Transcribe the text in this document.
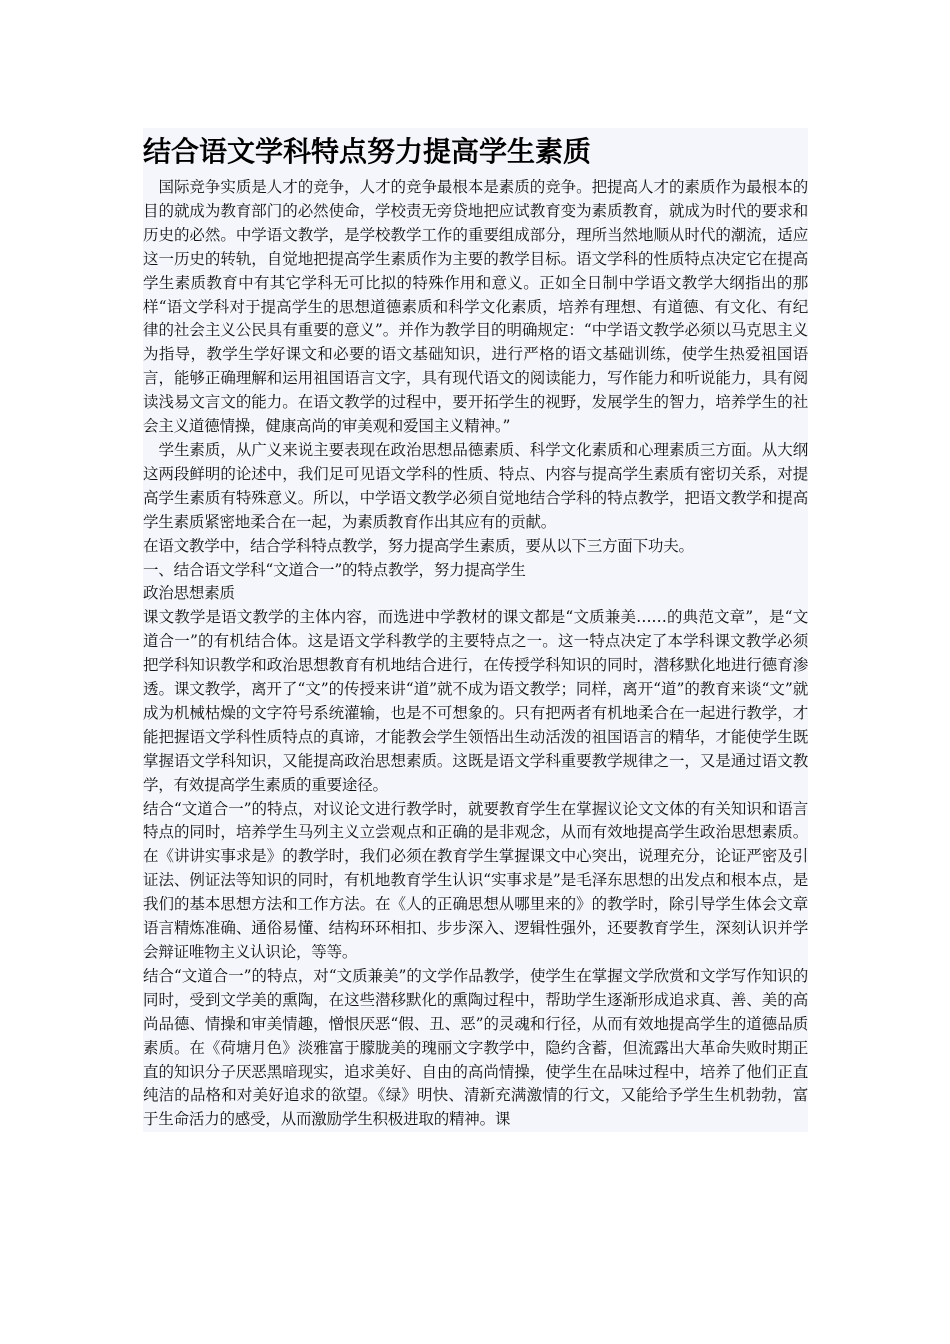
结合语文学科特点努力提高学生素质

国际竞争实质是人才的竞争，人才的竞争最根本是素质的竞争。把提高人才的素质作为最根本的目的就成为教育部门的必然使命，学校责无旁贷地把应试教育变为素质教育，就成为时代的要求和历史的必然。中学语文教学，是学校教学工作的重要组成部分，理所当然地顺从时代的潮流，适应这一历史的转轨，自觉地把提高学生素质作为主要的教学目标。语文学科的性质特点决定它在提高学生素质教育中有其它学科无可比拟的特殊作用和意义。正如全日制中学语文教学大纲指出的那样“语文学科对于提高学生的思想道德素质和科学文化素质，培养有理想、有道德、有文化、有纪律的社会主义公民具有重要的意义”。并作为教学目的明确规定：“中学语文教学必须以马克思主义为指导，教学生学好课文和必要的语文基础知识，进行严格的语文基础训练，使学生热爱祖国语言，能够正确理解和运用祖国语言文字，具有现代语文的阅读能力，写作能力和听说能力，具有阅读浅易文言文的能力。在语文教学的过程中，要开拓学生的视野，发展学生的智力，培养学生的社会主义道德情操，健康高尚的审美观和爱国主义精神。”

学生素质，从广义来说主要表现在政治思想品德素质、科学文化素质和心理素质三方面。从大纲这两段鲜明的论述中，我们足可见语文学科的性质、特点、内容与提高学生素质有密切关系，对提高学生素质有特殊意义。所以，中学语文教学必须自觉地结合学科的特点教学，把语文教学和提高学生素质紧密地柔合在一起，为素质教育作出其应有的贡献。

在语文教学中，结合学科特点教学，努力提高学生素质，要从以下三方面下功夫。

一、结合语文学科“文道合一”的特点教学，努力提高学生

政治思想素质

课文教学是语文教学的主体内容，而选进中学教材的课文都是“文质兼美……的典范文章”，是“文道合一”的有机结合体。这是语文学科教学的主要特点之一。这一特点决定了本学科课文教学必须把学科知识教学和政治思想教育有机地结合进行，在传授学科知识的同时，潜移默化地进行德育渗透。课文教学，离开了“文”的传授来讲“道”就不成为语文教学；同样，离开“道”的教育来谈“文”就成为机械枯燥的文字符号系统灌输，也是不可想象的。只有把两者有机地柔合在一起进行教学，才能把握语文学科性质特点的真谛，才能教会学生领悟出生动活泼的祖国语言的精华，才能使学生既掌握语文学科知识，又能提高政治思想素质。这既是语文学科重要教学规律之一，又是通过语文教学，有效提高学生素质的重要途径。

结合“文道合一”的特点，对议论文进行教学时，就要教育学生在掌握议论文文体的有关知识和语言特点的同时，培养学生马列主义立尝观点和正确的是非观念，从而有效地提高学生政治思想素质。在《讲讲实事求是》的教学时，我们必须在教育学生掌握课文中心突出，说理充分，论证严密及引证法、例证法等知识的同时，有机地教育学生认识“实事求是”是毛泽东思想的出发点和根本点，是我们的基本思想方法和工作方法。在《人的正确思想从哪里来的》的教学时，除引导学生体会文章语言精炼准确、通俗易懂、结构环环相扣、步步深入、逻辑性强外，还要教育学生，深刻认识并学会辩证唯物主义认识论，等等。

结合“文道合一”的特点，对“文质兼美”的文学作品教学，使学生在掌握文学欣赏和文学写作知识的同时，受到文学美的熏陶，在这些潜移默化的熏陶过程中，帮助学生逐渐形成追求真、善、美的高尚品德、情操和审美情趣，憎恨厌恶“假、丑、恶”的灵魂和行径，从而有效地提高学生的道德品质素质。在《荷塘月色》淡雅富于朦胧美的瑰丽文字教学中，隐约含蓄，但流露出大革命失败时期正直的知识分子厌恶黑暗现实，追求美好、自由的高尚情操，使学生在品味过程中，培养了他们正直纯洁的品格和对美好追求的欲望。《绿》明快、清新充满激情的行文，又能给予学生生机勃勃，富于生命活力的感受，从而激励学生积极进取的精神。课
